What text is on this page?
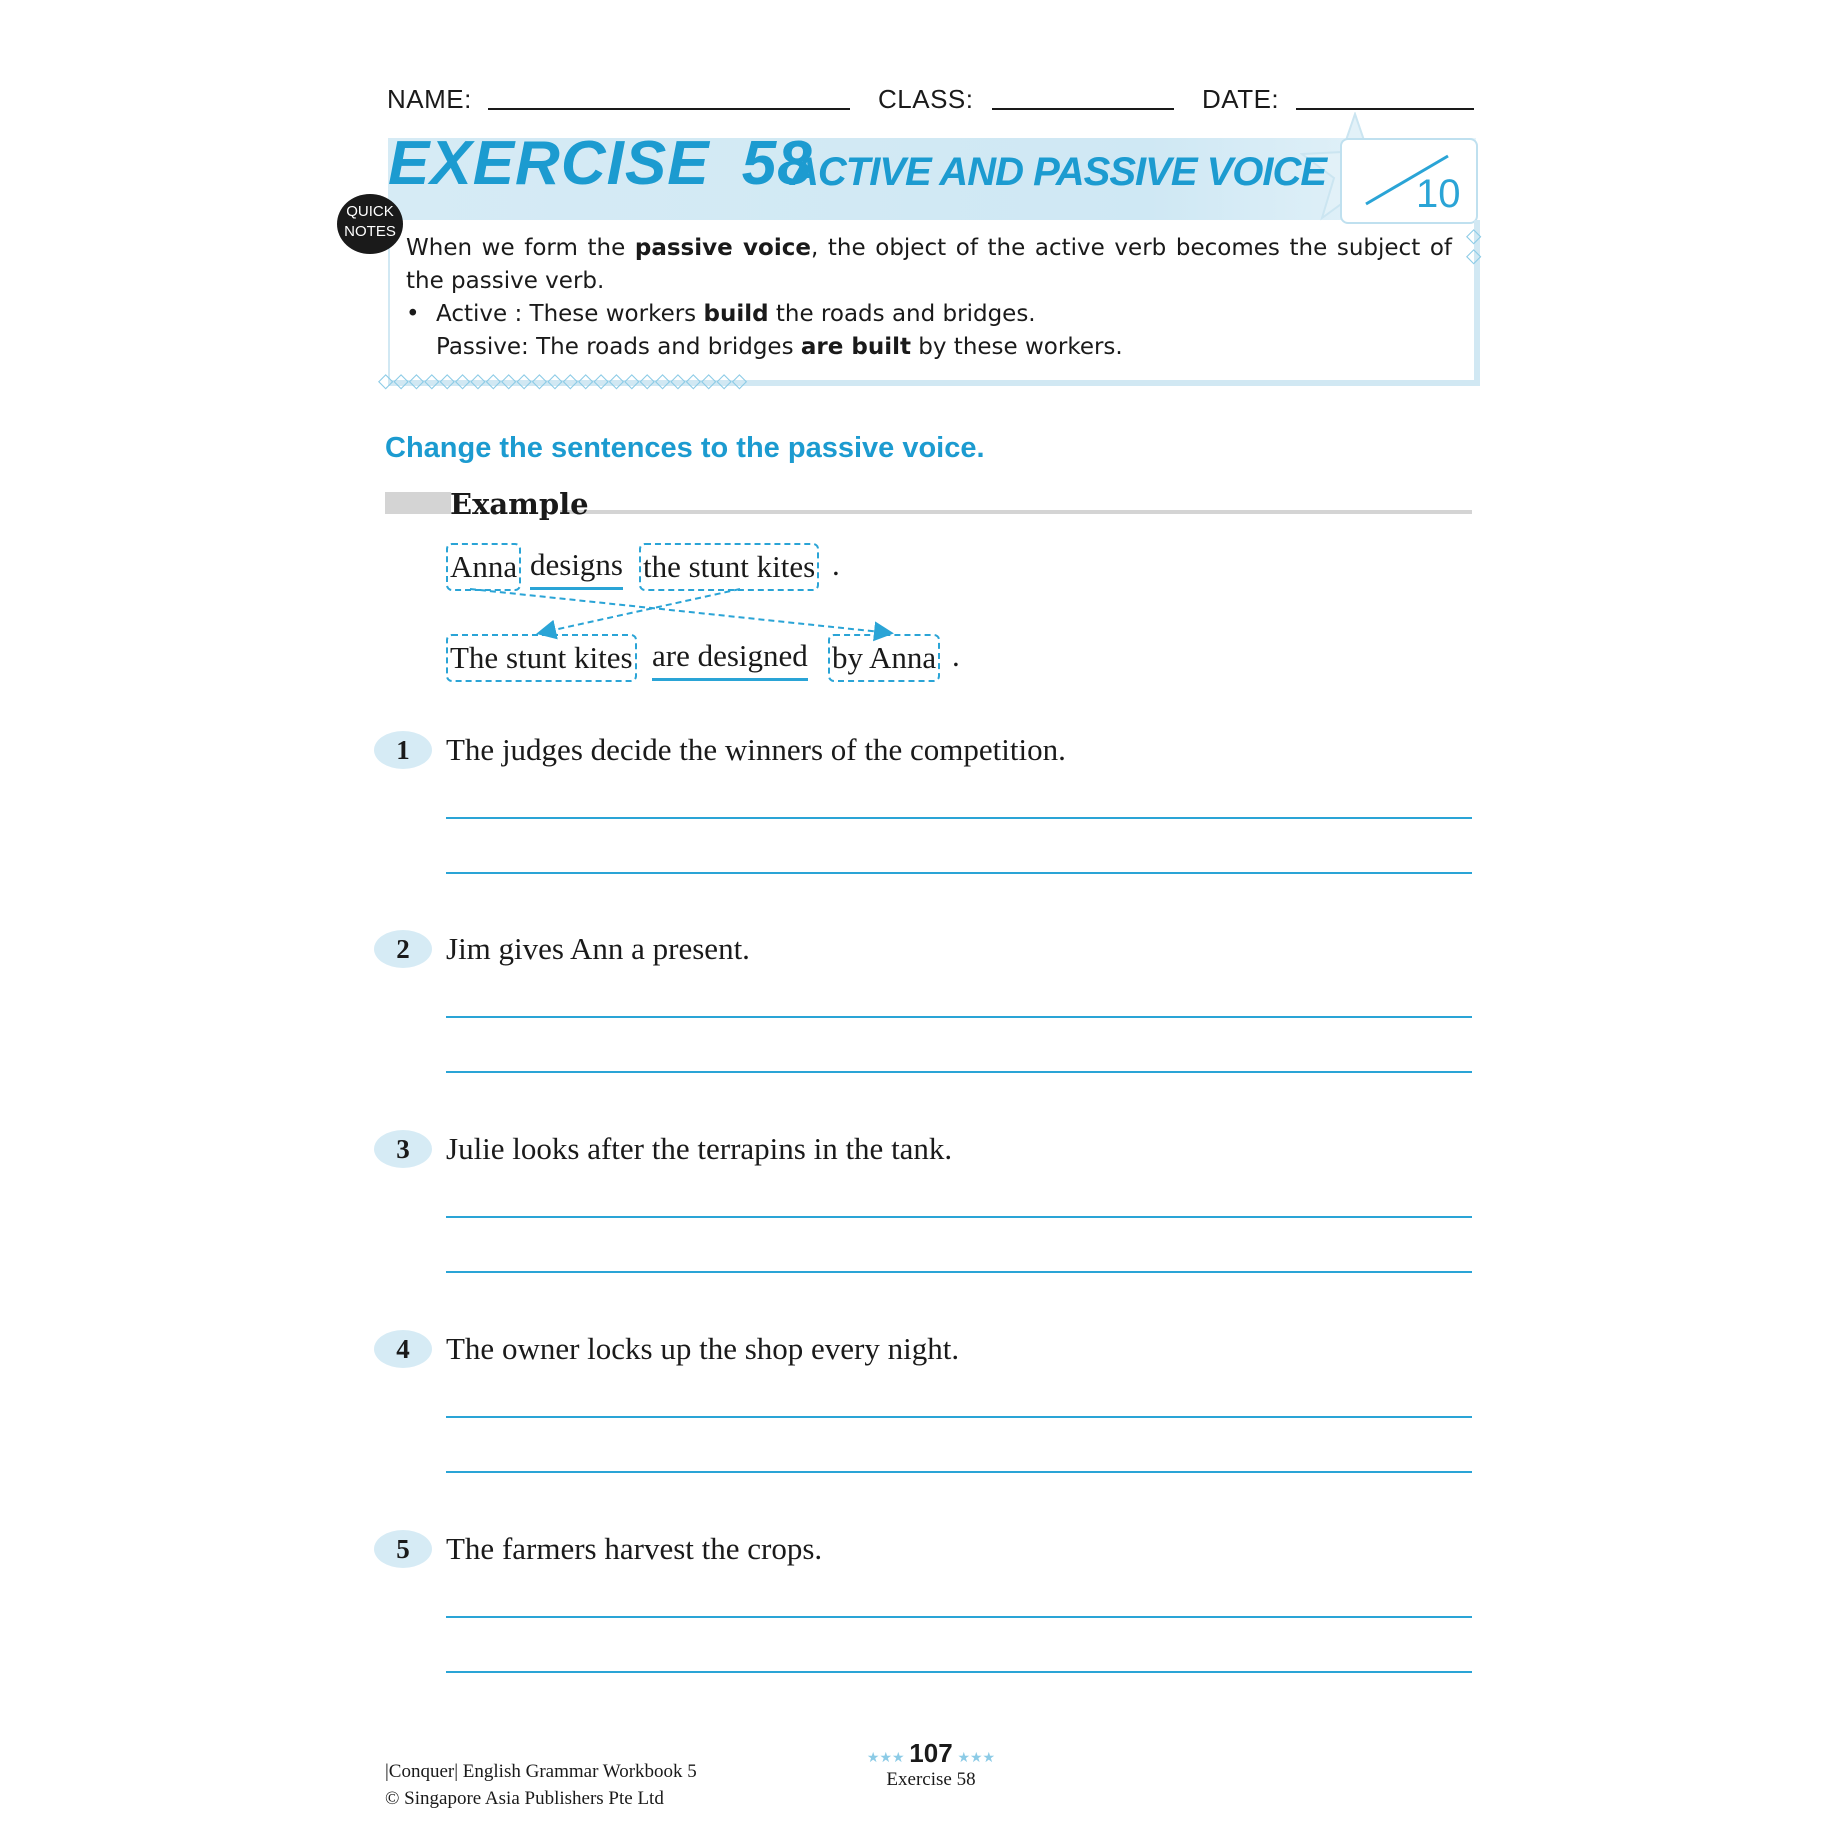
NAME:	CLASS:	DATE:
10
EXERCISE 58
ACTIVE AND PASSIVE VOICE
QUICK
NOTES
When we form the passive voice, the object of the active verb becomes the subject of the passive verb.
• Active : These workers build the roads and bridges.
Passive: The roads and bridges are built by these workers.
◇◇◇◇◇◇◇◇◇◇◇◇◇◇◇◇◇◇◇◇◇◇◇◇
◇
◇
Change the sentences to the passive voice.
Example
Anna designs the stunt kites .
The stunt kites are designed by Anna .
1	The judges decide the winners of the competition.
2	Jim gives Ann a present.
3	Julie looks after the terrapins in the tank.
4	The owner locks up the shop every night.
5	The farmers harvest the crops.
|Conquer| English Grammar Workbook 5
© Singapore Asia Publishers Pte Ltd
★★★ 107 ★★★
Exercise 58
